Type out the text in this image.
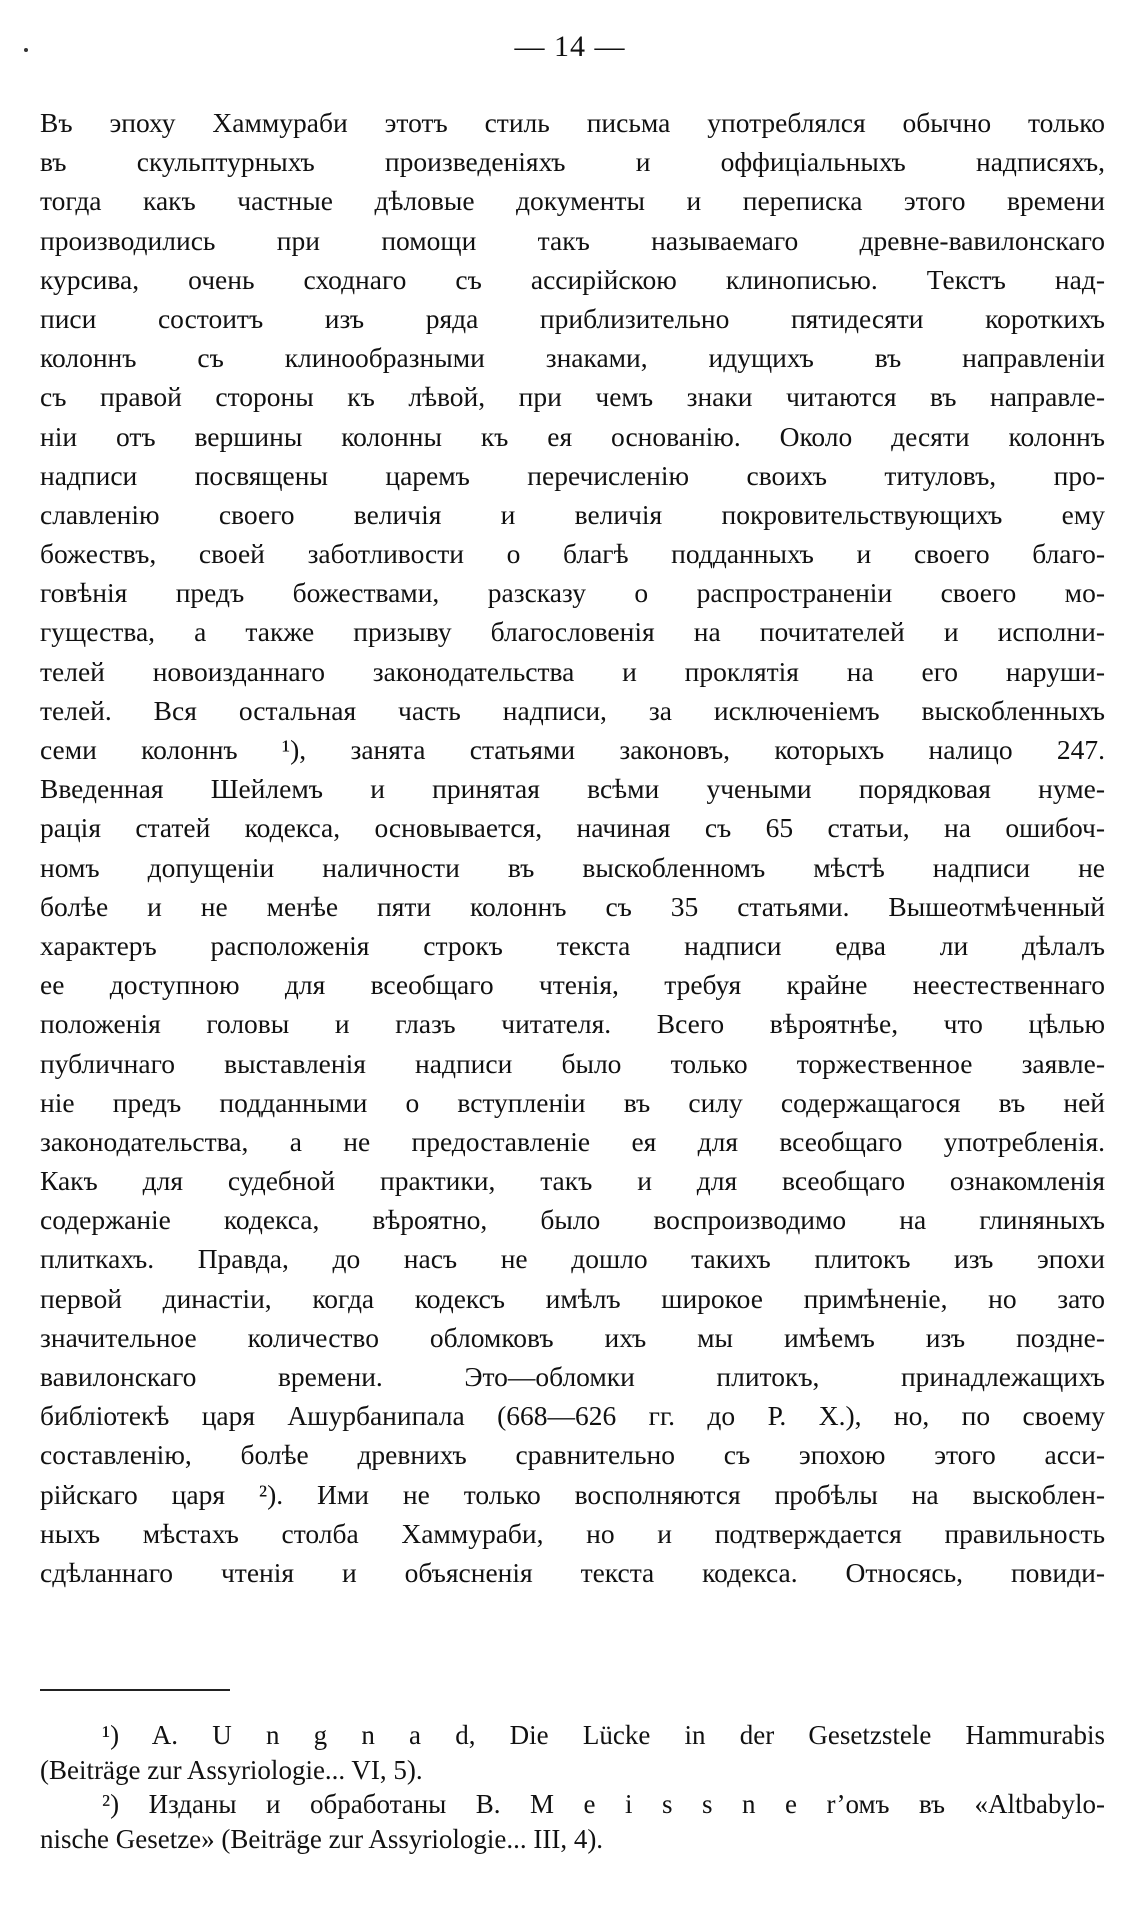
— 14 —
Въ эпоху Хаммураби этотъ стиль письма употреблялся обычно только
въ скульптурныхъ произведенiяхъ и оффицiальныхъ надписяхъ,
тогда какъ частные дѣловые документы и переписка этого времени
производились при помощи такъ называемаго древне-вавилонскаго
курсива, очень сходнаго съ ассирiйскою клинописью. Текстъ над-
писи состоитъ изъ ряда приблизительно пятидесяти короткихъ
колоннъ съ клинообразными знаками, идущихъ въ направленiи
съ правой стороны къ лѣвой, при чемъ знаки читаются въ направле-
нiи отъ вершины колонны къ ея основанiю. Около десяти колоннъ
надписи посвящены царемъ перечисленiю своихъ титуловъ, про-
славленiю своего величiя и величiя покровительствующихъ ему
божествъ, своей заботливости о благѣ подданныхъ и своего благо-
говѣнiя предъ божествами, разсказу о распространенiи своего мо-
гущества, а также призыву благословенiя на почитателей и исполни-
телей новоизданнаго законодательства и проклятiя на его наруши-
телей. Вся остальная часть надписи, за исключенiемъ выскобленныхъ
семи колоннъ ¹), занята статьями законовъ, которыхъ налицо 247.
Введенная Шейлемъ и принятая всѣми учеными порядковая нуме-
рацiя статей кодекса, основывается, начиная съ 65 статьи, на ошибоч-
номъ допущенiи наличности въ выскобленномъ мѣстѣ надписи не
болѣе и не менѣе пяти колоннъ съ 35 статьями. Вышеотмѣченный
характеръ расположенiя строкъ текста надписи едва ли дѣлалъ
ее доступною для всеобщаго чтенiя, требуя крайне неестественнаго
положенiя головы и глазъ читателя. Всего вѣроятнѣе, что цѣлью
публичнаго выставленiя надписи было только торжественное заявле-
нiе предъ подданными о вступленiи въ силу содержащагося въ ней
законодательства, а не предоставленiе ея для всеобщаго употребленiя.
Какъ для судебной практики, такъ и для всеобщаго ознакомленiя
содержанiе кодекса, вѣроятно, было воспроизводимо на глиняныхъ
плиткахъ. Правда, до насъ не дошло такихъ плитокъ изъ эпохи
первой династiи, когда кодексъ имѣлъ широкое примѣненiе, но зато
значительное количество обломковъ ихъ мы имѣемъ изъ поздне-
вавилонскаго времени. Это—обломки плитокъ, принадлежащихъ
библiотекѣ царя Ашурбанипала (668—626 гг. до Р. Х.), но, по своему
составленiю, болѣе древнихъ сравнительно съ эпохою этого асси-
рiйскаго царя ²). Ими не только восполняются пробѣлы на выскоблен-
ныхъ мѣстахъ столба Хаммураби, но и подтверждается правильность
сдѣланнаго чтенiя и объясненiя текста кодекса. Относясь, повиди-
¹) A. U n g n a d, Die Lücke in der Gesetzstele Hammurabis
(Beiträge zur Assyriologie... VI, 5).
²) Изданы и обработаны B. M e i s s n e r’омъ въ «Altbabylo-
nische Gesetze» (Beiträge zur Assyriologie... III, 4).
